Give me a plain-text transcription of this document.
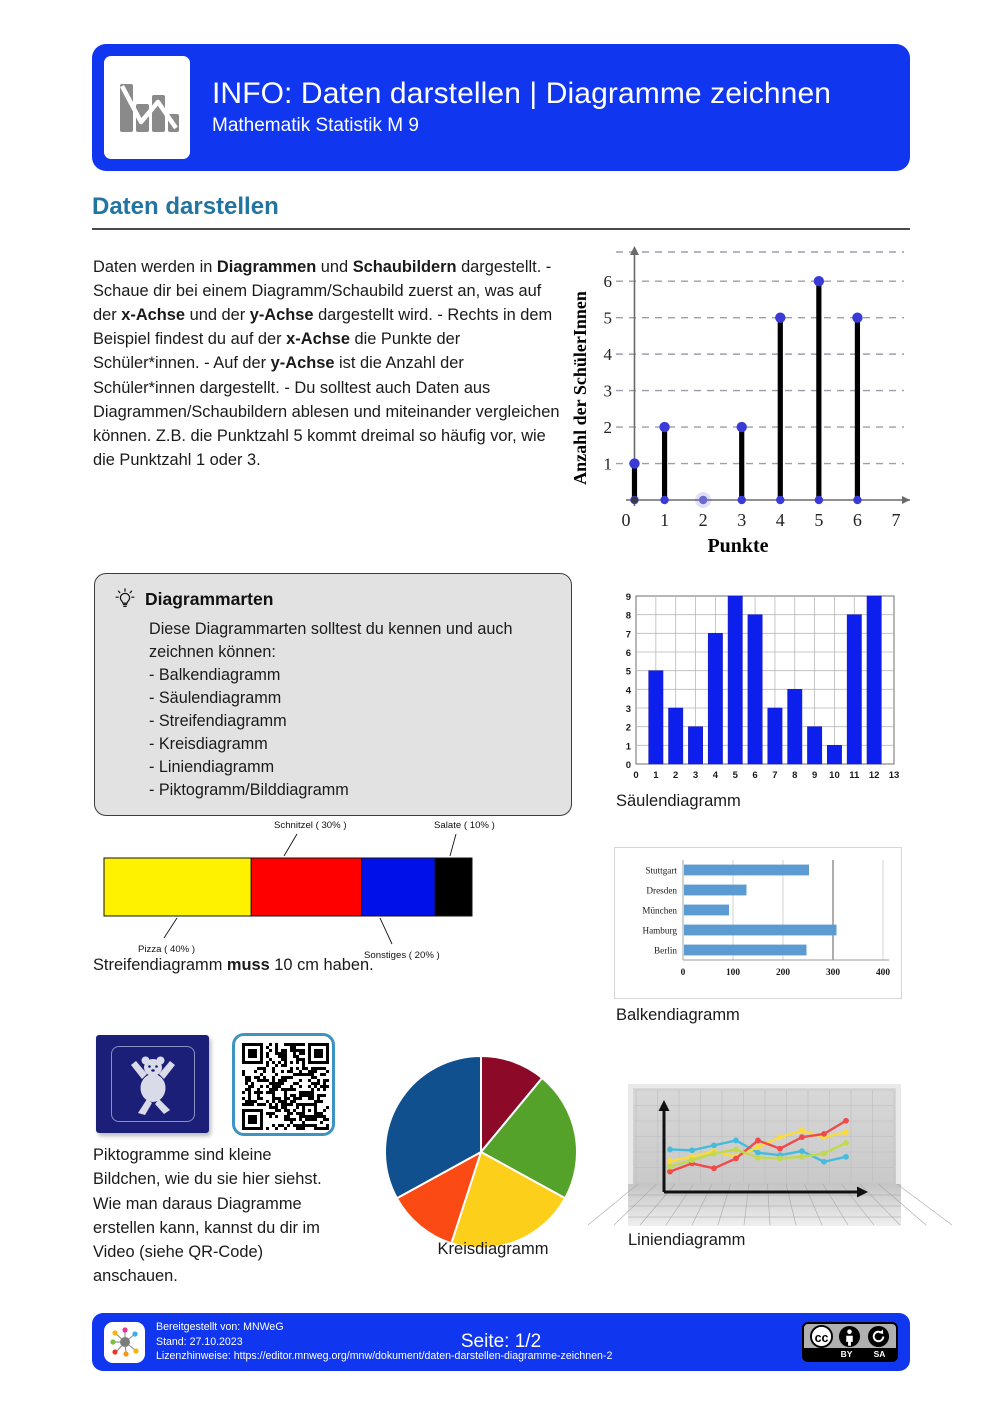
INFO: Daten darstellen | Diagramme zeichnen
Mathematik Statistik M 9
Daten darstellen
Daten werden in Diagrammen und Schaubildern dargestellt. - Schaue dir bei einem Diagramm/Schaubild zuerst an, was auf der x-Achse und der y-Achse dargestellt wird. - Rechts in dem Beispiel findest du auf der x-Achse die Punkte der Schüler*innen. - Auf der y-Achse ist die Anzahl der Schüler*innen dargestellt. - Du solltest auch Daten aus Diagrammen/Schaubildern ablesen und miteinander vergleichen können. Z.B. die Punktzahl 5 kommt dreimal so häufig vor, wie die Punktzahl 1 oder 3.	1
2
3
4
5
6
0 1 2 3 4 5 6 7
Punkte
Anzahl der SchülerInnen
Diagrammarten
Diese Diagrammarten solltest du kennen und auch zeichnen können:
- Balkendiagramm
- Säulendiagramm
- Streifendiagramm
- Kreisdiagramm
- Liniendiagramm
- Piktogramm/Bilddiagramm
0
1
2
3
4
5
6
7
8
9
0 1 2 3 4 5 6 7 8 9 10 11 12 13
Säulendiagramm
Pizza ( 40% )
Schnitzel ( 30% )
Sonstiges ( 20% )
Salate ( 10% )
Streifendiagramm muss 10 cm haben.
Stuttgart
Dresden
München
Hamburg
Berlin
0	100	200	300	400
Balkendiagramm
Piktogramme sind kleine Bildchen, wie du sie hier siehst. Wie man daraus Diagramme erstellen kann, kannst du dir im Video (siehe QR-Code) anschauen.
Kreisdiagramm	Liniendiagramm
Bereitgestellt von: MNWeG
Stand: 27.10.2023
Lizenzhinweise: https://editor.mnweg.org/mnw/dokument/daten-darstellen-diagramme-zeichnen-2
Seite: 1/2	cc
BY SA
